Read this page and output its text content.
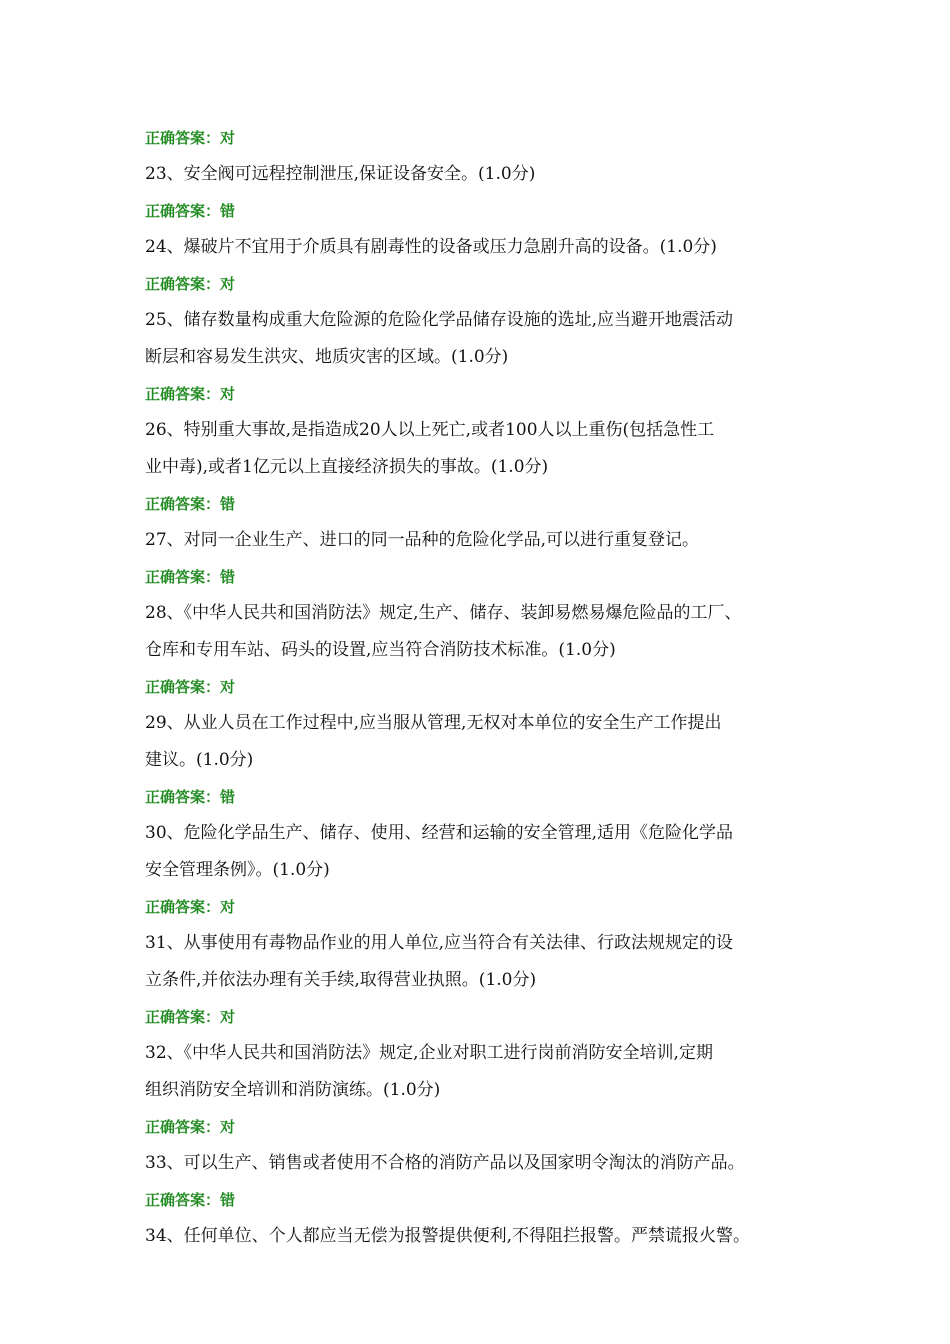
正确答案：对
23、安全阀可远程控制泄压,保证设备安全。(1.0分)
正确答案：错
24、爆破片不宜用于介质具有剧毒性的设备或压力急剧升高的设备。(1.0分)
正确答案：对
25、储存数量构成重大危险源的危险化学品储存设施的选址,应当避开地震活动
断层和容易发生洪灾、地质灾害的区域。(1.0分)
正确答案：对
26、特别重大事故,是指造成20人以上死亡,或者100人以上重伤(包括急性工
业中毒),或者1亿元以上直接经济损失的事故。(1.0分)
正确答案：错
27、对同一企业生产、进口的同一品种的危险化学品,可以进行重复登记。
正确答案：错
28、《中华人民共和国消防法》规定,生产、储存、装卸易燃易爆危险品的工厂、
仓库和专用车站、码头的设置,应当符合消防技术标准。(1.0分)
正确答案：对
29、从业人员在工作过程中,应当服从管理,无权对本单位的安全生产工作提出
建议。(1.0分)
正确答案：错
30、危险化学品生产、储存、使用、经营和运输的安全管理,适用《危险化学品
安全管理条例》。(1.0分)
正确答案：对
31、从事使用有毒物品作业的用人单位,应当符合有关法律、行政法规规定的设
立条件,并依法办理有关手续,取得营业执照。(1.0分)
正确答案：对
32、《中华人民共和国消防法》规定,企业对职工进行岗前消防安全培训,定期
组织消防安全培训和消防演练。(1.0分)
正确答案：对
33、可以生产、销售或者使用不合格的消防产品以及国家明令淘汰的消防产品。
正确答案：错
34、任何单位、个人都应当无偿为报警提供便利,不得阻拦报警。严禁谎报火警。
